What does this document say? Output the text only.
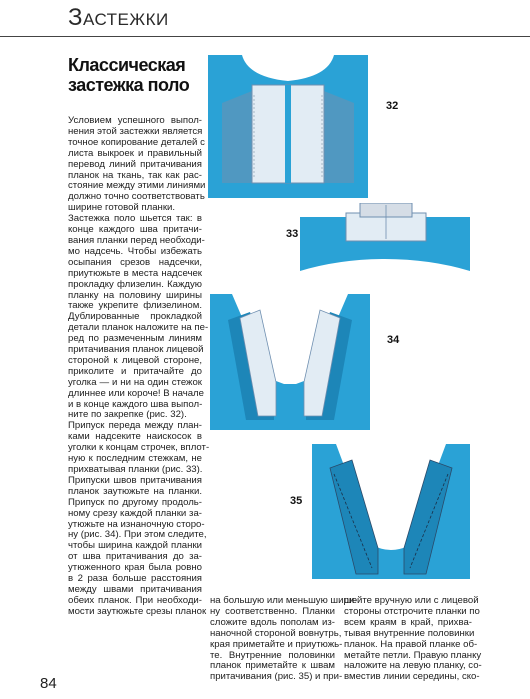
Застежки
Классическая
застежка поло
Условием успешного выпол-
нения этой застежки является
точное копирование деталей с
листа выкроек и правильный
перевод линий притачивания
планок на ткань, так как рас-
стояние между этими линиями
должно точно соответствовать
ширине готовой планки.
Застежка поло шьется так: в
конце каждого шва притачи-
вания планки перед необходи-
мо надсечь. Чтобы избежать
осыпания срезов надсечки,
приутюжьте в места надсечек
прокладку флизелин. Каждую
планку на половину ширины
также укрепите флизелином.
Дублированные прокладкой
детали планок наложите на пе-
ред по размеченным линиям
притачивания планок лицевой
стороной к лицевой стороне,
приколите и притачайте до
уголка — и ни на один стежок
длиннее или короче! В начале
и в конце каждого шва выпол-
ните по закрепке (рис. 32).
Припуск переда между план-
ками надсеките наискосок в
уголки к концам строчек, вплот-
ную к последним стежкам, не
прихватывая планки (рис. 33).
Припуски швов притачивания
планок заутюжьте на планки.
Припуск по другому продоль-
ному срезу каждой планки за-
утюжьте на изнаночную сторо-
ну (рис. 34). При этом следите,
чтобы ширина каждой планки
от шва притачивания до за-
утюженного края была ровно
в 2 раза больше расстояния
между швами притачивания
обеих планок. При необходи-
мости заутюжьте срезы планок
на большую или меньшую шири-
ну соответственно. Планки
сложите вдоль пополам из-
наночной стороной вовнутрь,
края приметайте и приутюжь-
те. Внутренние половинки
планок приметайте к швам
притачивания (рис. 35) и при-
шейте вручную или с лицевой
стороны отстрочите планки по
всем краям в край, прихва-
тывая внутренние половинки
планок. На правой планке об-
метайте петли. Правую планку
наложите на левую планку, со-
вместив линии середины, ско-
32
33
34
35
84
